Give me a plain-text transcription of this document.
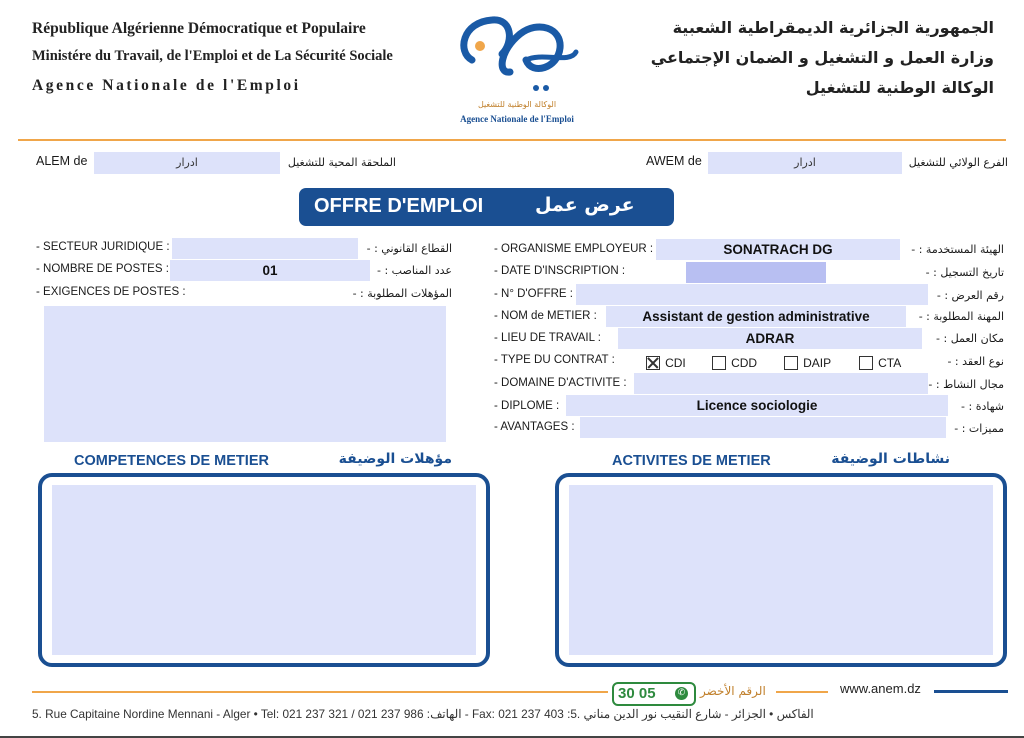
République Algérienne Démocratique et Populaire
Ministére du Travail, de l'Emploi et de La Sécurité Sociale
Agence Nationale de l'Emploi
الوكالة الوطنية للتشغيل
Agence Nationale de l'Emploi
الجمهورية الجزائرية الديمقراطية الشعبية
وزارة العمل و التشغيل و الضمان الإجتماعي
الوكالة الوطنية للتشغيل
ALEM de	ادرار	الملحقة المحية للتشغيل	AWEM de	ادرار	الفرع الولائي للتشغيل
OFFRE D'EMPLOI	عرض عمل
- SECTEUR JURIDIQUE :	القطاع القانوني : -
- NOMBRE DE POSTES :	01	عدد المناصب : -
- EXIGENCES DE POSTES :	المؤهلات المطلوبة : -
- ORGANISME EMPLOYEUR :	SONATRACH DG	الهيئة المستخدمة : -
- DATE D'INSCRIPTION :	تاريخ التسجيل : -
- N° D'OFFRE :	رقم العرض : -
- NOM de METIER :	Assistant de gestion administrative	المهنة المطلوبة : -
- LIEU DE TRAVAIL :	ADRAR	مكان العمل : -
- TYPE DU CONTRAT :	CDI	CDD	DAIP	CTA	نوع العقد : -
- DOMAINE D'ACTIVITE :	مجال النشاط : -
- DIPLOME :	Licence sociologie	شهادة : -
- AVANTAGES :	مميزات : -
COMPETENCES DE METIER	مؤهلات الوضيفة	ACTIVITES DE METIER	نشاطات الوضيفة
30 05	✆ الرقم الأخضر	www.anem.dz
5. Rue Capitaine Nordine Mennani - Alger • Tel: 021 237 321 / 021 237 986 :الهاتف - Fax: 021 237 403 :الفاكس • الجزائر - شارع النقيب نور الدين مناني .5
